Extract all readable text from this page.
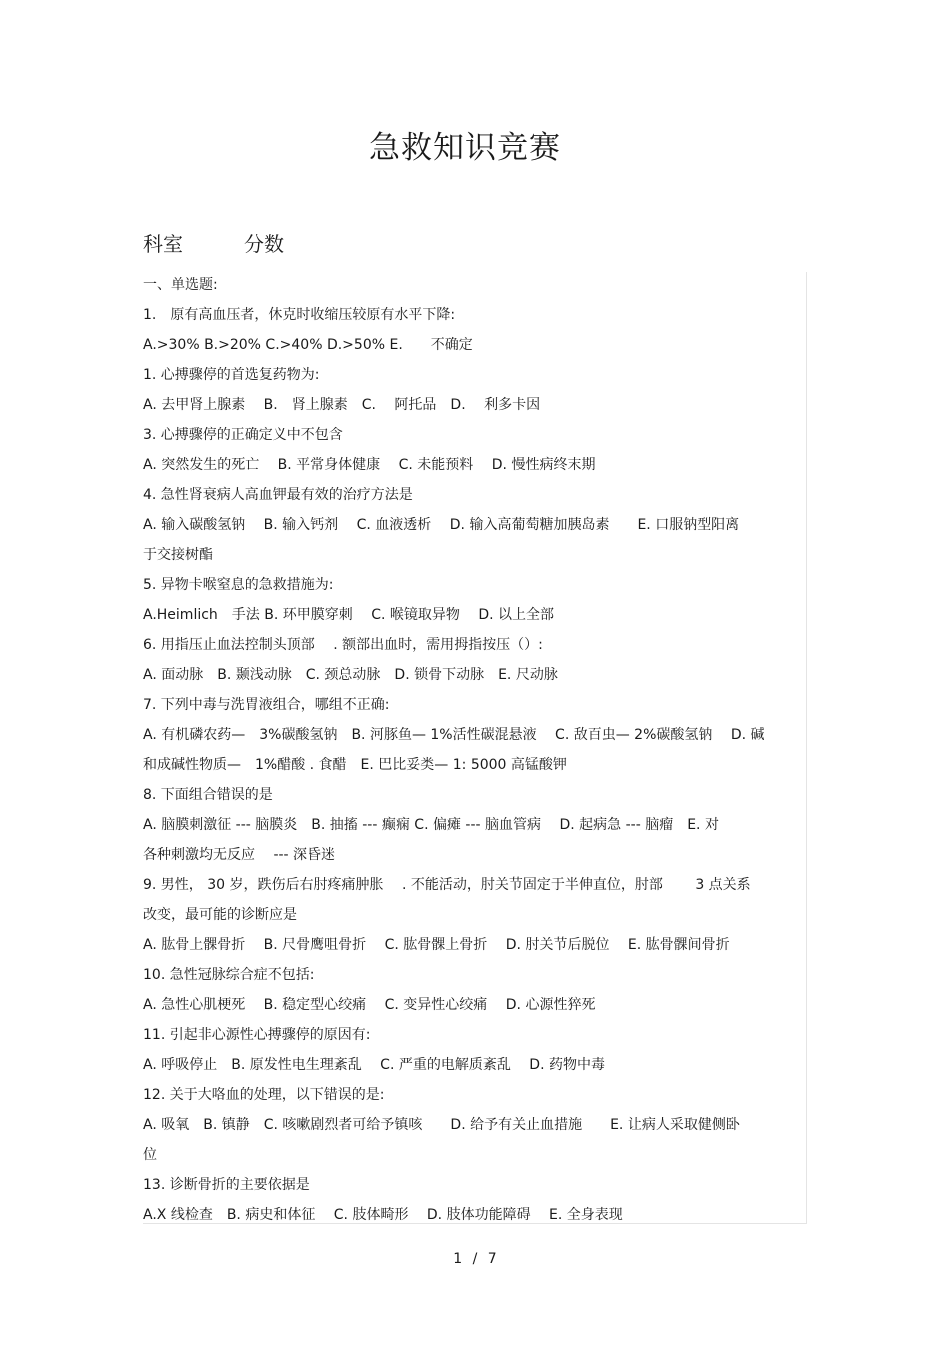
急救知识竞赛
科室	分数
一、单选题:
1.　原有高血压者，休克时收缩压较原有水平下降:
A.>30% B.>20% C.>40% D.>50% E.　　不确定
1. 心搏骤停的首选复药物为:
A. 去甲肾上腺素　 B.　肾上腺素　C.　 阿托品　D.　 利多卡因
3. 心搏骤停的正确定义中不包含
A. 突然发生的死亡　 B. 平常身体健康　 C. 未能预料　 D. 慢性病终末期
4. 急性肾衰病人高血钾最有效的治疗方法是
A. 输入碳酸氢钠　 B. 输入钙剂　 C. 血液透析　 D. 输入高葡萄糖加胰岛素　　E. 口服钠型阳离
于交接树酯
5. 异物卡喉窒息的急救措施为:
A.Heimlich　手法 B. 环甲膜穿刺　 C. 喉镜取异物　 D. 以上全部
6. 用指压止血法控制头顶部　 . 额部出血时，需用拇指按压（）:
A. 面动脉　B. 颞浅动脉　C. 颈总动脉　D. 锁骨下动脉　E. 尺动脉
7. 下列中毒与洗胃液组合，哪组不正确:
A. 有机磷农药—　3%碳酸氢钠　B. 河豚鱼— 1%活性碳混悬液　 C. 敌百虫— 2%碳酸氢钠　 D. 碱
和成碱性物质—　1%醋酸 . 食醋　E. 巴比妥类— 1: 5000 高锰酸钾
8. 下面组合错误的是
A. 脑膜刺激征 --- 脑膜炎　B. 抽搐 --- 癫痫 C. 偏瘫 --- 脑血管病　 D. 起病急 --- 脑瘤　E. 对
各种刺激均无反应　 --- 深昏迷
9. 男性， 30 岁，跌伤后右肘疼痛肿胀　 . 不能活动，肘关节固定于半伸直位，肘部　　 3 点关系
改变，最可能的诊断应是
A. 肱骨上髁骨折　 B. 尺骨鹰咀骨折　 C. 肱骨髁上骨折　 D. 肘关节后脱位　 E. 肱骨髁间骨折
10. 急性冠脉综合症不包括:
A. 急性心肌梗死　 B. 稳定型心绞痛　 C. 变异性心绞痛　 D. 心源性猝死
11. 引起非心源性心搏骤停的原因有:
A. 呼吸停止　B. 原发性电生理紊乱　 C. 严重的电解质紊乱　 D. 药物中毒
12. 关于大咯血的处理，以下错误的是:
A. 吸氧　B. 镇静　C. 咳嗽剧烈者可给予镇咳　　D. 给予有关止血措施　　E. 让病人采取健侧卧
位
13. 诊断骨折的主要依据是
A.X 线检查　B. 病史和体征　 C. 肢体畸形　 D. 肢体功能障碍　 E. 全身表现
1 / 7
